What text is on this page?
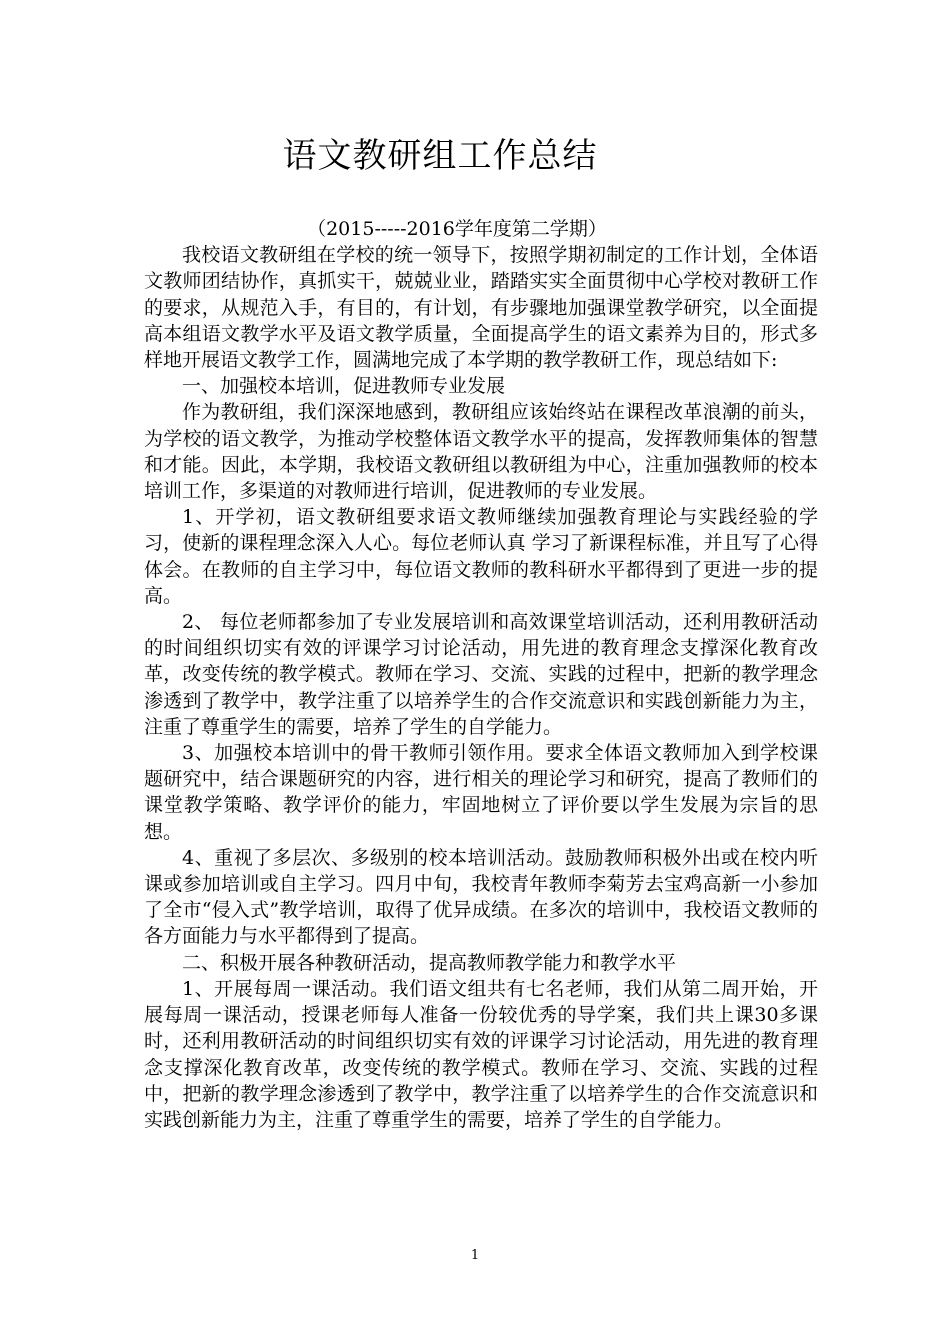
语文教研组工作总结

（2015-----2016学年度第二学期）

我校语文教研组在学校的统一领导下，按照学期初制定的工作计划，全体语文教师团结协作，真抓实干，兢兢业业，踏踏实实全面贯彻中心学校对教研工作的要求，从规范入手，有目的，有计划，有步骤地加强课堂教学研究，以全面提高本组语文教学水平及语文教学质量，全面提高学生的语文素养为目的，形式多样地开展语文教学工作，圆满地完成了本学期的教学教研工作，现总结如下:

一、加强校本培训，促进教师专业发展

作为教研组，我们深深地感到，教研组应该始终站在课程改革浪潮的前头，为学校的语文教学，为推动学校整体语文教学水平的提高，发挥教师集体的智慧和才能。因此，本学期，我校语文教研组以教研组为中心，注重加强教师的校本培训工作，多渠道的对教师进行培训，促进教师的专业发展。

1、开学初，语文教研组要求语文教师继续加强教育理论与实践经验的学习，使新的课程理念深入人心。每位老师认真 学习了新课程标准，并且写了心得体会。在教师的自主学习中，每位语文教师的教科研水平都得到了更进一步的提高。

2、 每位老师都参加了专业发展培训和高效课堂培训活动，还利用教研活动的时间组织切实有效的评课学习讨论活动，用先进的教育理念支撑深化教育改革，改变传统的教学模式。教师在学习、交流、实践的过程中，把新的教学理念渗透到了教学中，教学注重了以培养学生的合作交流意识和实践创新能力为主，注重了尊重学生的需要，培养了学生的自学能力。

3、加强校本培训中的骨干教师引领作用。要求全体语文教师加入到学校课题研究中，结合课题研究的内容，进行相关的理论学习和研究，提高了教师们的课堂教学策略、教学评价的能力，牢固地树立了评价要以学生发展为宗旨的思想。

4、重视了多层次、多级别的校本培训活动。鼓励教师积极外出或在校内听课或参加培训或自主学习。四月中旬，我校青年教师李菊芳去宝鸡高新一小参加了全市“侵入式”教学培训，取得了优异成绩。在多次的培训中，我校语文教师的各方面能力与水平都得到了提高。

二、积极开展各种教研活动，提高教师教学能力和教学水平

1、开展每周一课活动。我们语文组共有七名老师，我们从第二周开始，开展每周一课活动，授课老师每人准备一份较优秀的导学案，我们共上课30多课时，还利用教研活动的时间组织切实有效的评课学习讨论活动，用先进的教育理念支撑深化教育改革，改变传统的教学模式。教师在学习、交流、实践的过程中，把新的教学理念渗透到了教学中，教学注重了以培养学生的合作交流意识和实践创新能力为主，注重了尊重学生的需要，培养了学生的自学能力。

1
